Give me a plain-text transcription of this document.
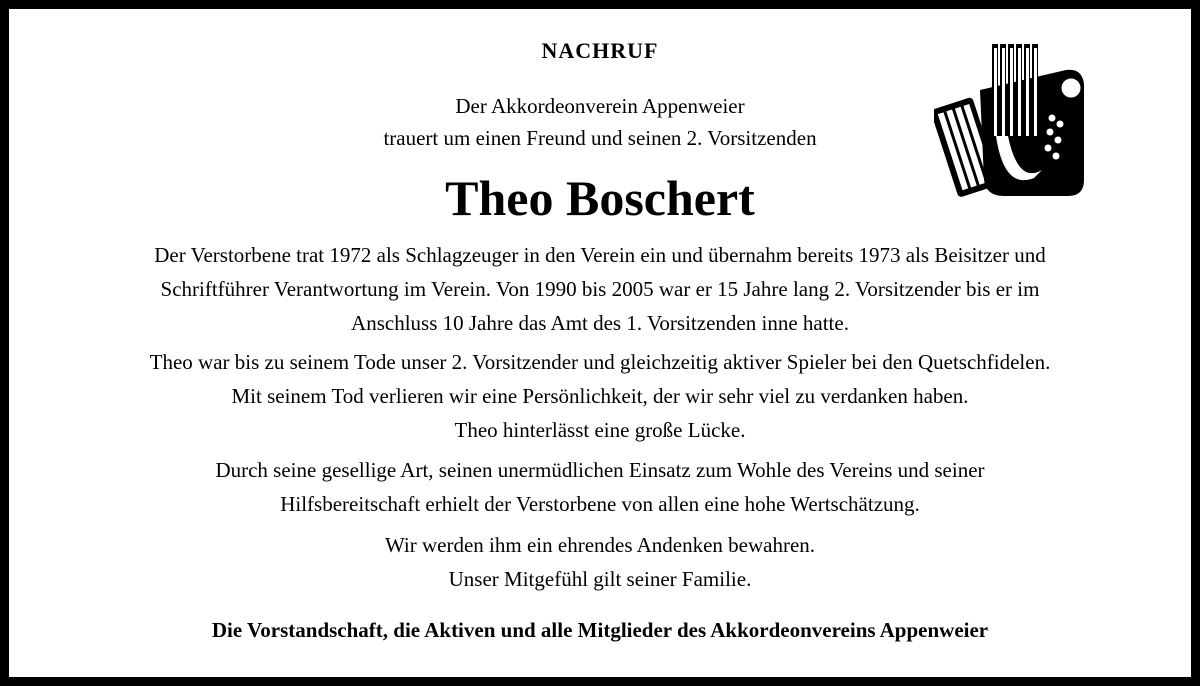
NACHRUF
Der Akkordeonverein Appenweier
trauert um einen Freund und seinen 2. Vorsitzenden
Theo Boschert
Der Verstorbene trat 1972 als Schlagzeuger in den Verein ein und übernahm bereits 1973 als Beisitzer und
Schriftführer Verantwortung im Verein. Von 1990 bis 2005 war er 15 Jahre lang 2. Vorsitzender bis er im
Anschluss 10 Jahre das Amt des 1. Vorsitzenden inne hatte.
Theo war bis zu seinem Tode unser 2. Vorsitzender und gleichzeitig aktiver Spieler bei den Quetschfidelen.
Mit seinem Tod verlieren wir eine Persönlichkeit, der wir sehr viel zu verdanken haben.
Theo hinterlässt eine große Lücke.
Durch seine gesellige Art, seinen unermüdlichen Einsatz zum Wohle des Vereins und seiner
Hilfsbereitschaft erhielt der Verstorbene von allen eine hohe Wertschätzung.
Wir werden ihm ein ehrendes Andenken bewahren.
Unser Mitgefühl gilt seiner Familie.
Die Vorstandschaft, die Aktiven und alle Mitglieder des Akkordeonvereins Appenweier
